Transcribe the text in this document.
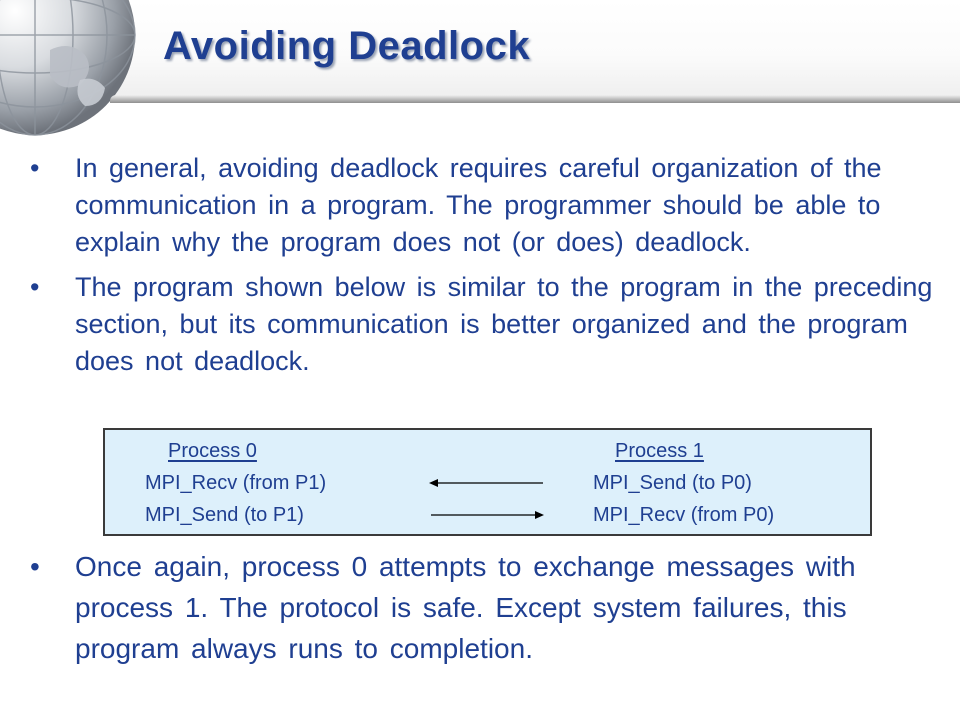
Avoiding Deadlock
• In general, avoiding deadlock requires careful organization of the communication in a program. The programmer should be able to explain why the program does not (or does) deadlock.
• The program shown below is similar to the program in the preceding section, but its communication is better organized and the program does not deadlock.
Process 0	Process 1
MPI_Recv (from P1)
MPI_Send (to P1)
MPI_Send (to P0)
MPI_Recv (from P0)
• Once again, process 0 attempts to exchange messages with process 1. The protocol is safe. Except system failures, this program always runs to completion.
